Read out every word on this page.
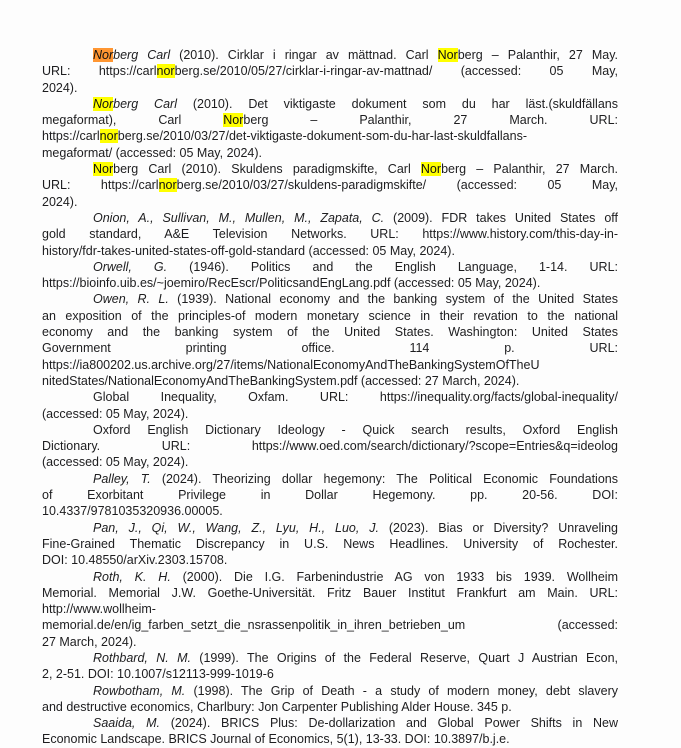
Norberg Carl (2010). Cirklar i ringar av mättnad. Carl Norberg – Palanthir, 27 May.
URL: https://carlnorberg.se/2010/05/27/cirklar-i-ringar-av-mattnad/ (accessed: 05 May,
2024).
Norberg Carl (2010). Det viktigaste dokument som du har läst.(skuldfällans
megaformat), Carl Norberg – Palanthir, 27 March. URL:
https://carlnorberg.se/2010/03/27/det-viktigaste-dokument-som-du-har-last-skuldfallans-
megaformat/ (accessed: 05 May, 2024).
Norberg Carl (2010). Skuldens paradigmskifte, Carl Norberg – Palanthir, 27 March.
URL: https://carlnorberg.se/2010/03/27/skuldens-paradigmskifte/ (accessed: 05 May,
2024).
Onion, A., Sullivan, M., Mullen, M., Zapata, C. (2009). FDR takes United States off
gold standard, A&E Television Networks. URL: https://www.history.com/this-day-in-
history/fdr-takes-united-states-off-gold-standard (accessed: 05 May, 2024).
Orwell, G. (1946). Politics and the English Language, 1-14. URL:
https://bioinfo.uib.es/~joemiro/RecEscr/PoliticsandEngLang.pdf (accessed: 05 May, 2024).
Owen, R. L. (1939). National economy and the banking system of the United States
an exposition of the principles-of modern monetary science in their revation to the national
economy and the banking system of the United States. Washington: United States
Government printing office. 114 p. URL:
https://ia800202.us.archive.org/27/items/NationalEconomyAndTheBankingSystemOfTheU
nitedStates/NationalEconomyAndTheBankingSystem.pdf (accessed: 27 March, 2024).
Global Inequality, Oxfam. URL: https://inequality.org/facts/global-inequality/
(accessed: 05 May, 2024).
Oxford English Dictionary Ideology - Quick search results, Oxford English
Dictionary. URL: https://www.oed.com/search/dictionary/?scope=Entries&q=ideolog
(accessed: 05 May, 2024).
Palley, T. (2024). Theorizing dollar hegemony: The Political Economic Foundations
of Exorbitant Privilege in Dollar Hegemony. pp. 20-56. DOI:
10.4337/9781035320936.00005.
Pan, J., Qi, W., Wang, Z., Lyu, H., Luo, J. (2023). Bias or Diversity? Unraveling
Fine-Grained Thematic Discrepancy in U.S. News Headlines. University of Rochester.
DOI: 10.48550/arXiv.2303.15708.
Roth, K. H. (2000). Die I.G. Farbenindustrie AG von 1933 bis 1939. Wollheim
Memorial. Memorial J.W. Goethe-Universität. Fritz Bauer Institut Frankfurt am Main. URL:
http://www.wollheim-
memorial.de/en/ig_farben_setzt_die_nsrassenpolitik_in_ihren_betrieben_um (accessed:
27 March, 2024).
Rothbard, N. M. (1999). The Origins of the Federal Reserve, Quart J Austrian Econ,
2, 2-51. DOI: 10.1007/s12113-999-1019-6
Rowbotham, M. (1998). The Grip of Death - a study of modern money, debt slavery
and destructive economics, Charlbury: Jon Carpenter Publishing Alder House. 345 p.
Saaida, M. (2024). BRICS Plus: De-dollarization and Global Power Shifts in New
Economic Landscape. BRICS Journal of Economics, 5(1), 13-33. DOI: 10.3897/b.j.e.
